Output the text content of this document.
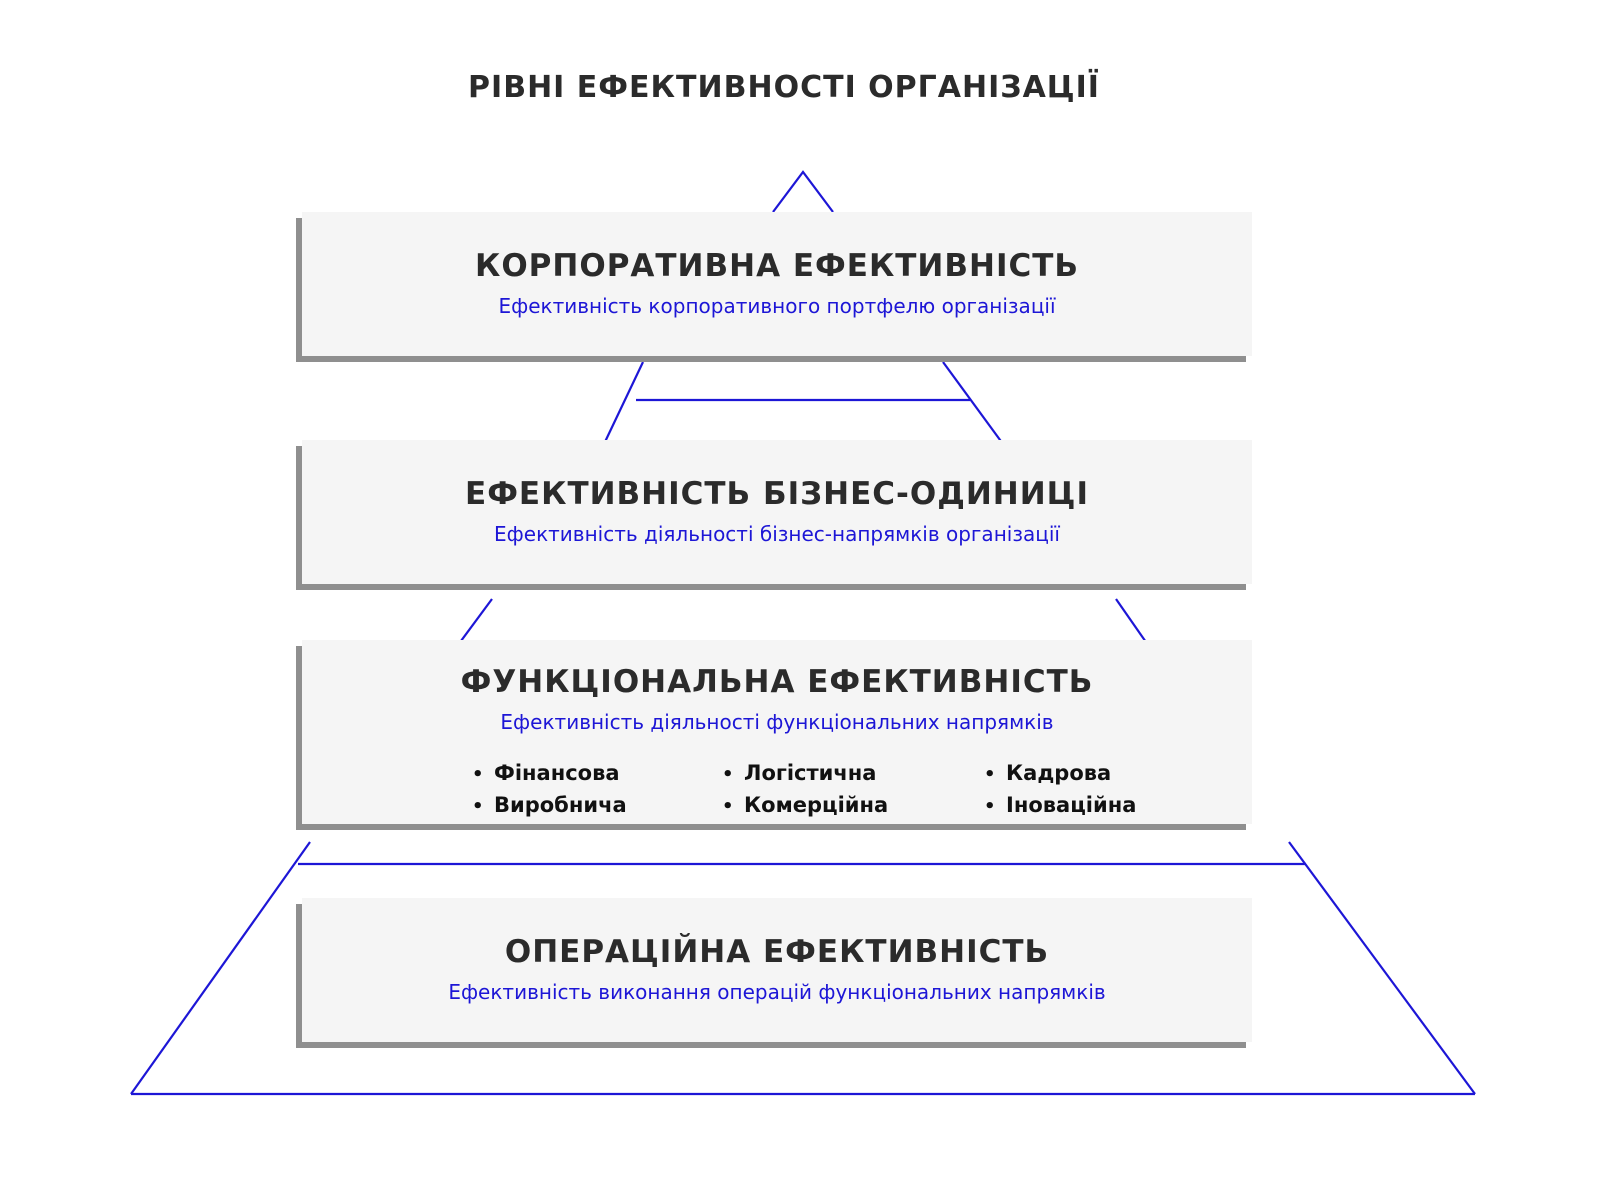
РІВНІ ЕФЕКТИВНОСТІ ОРГАНІЗАЦІЇ
КОРПОРАТИВНА ЕФЕКТИВНІСТЬ
Ефективність корпоративного портфелю організації
ЕФЕКТИВНІСТЬ БІЗНЕС-ОДИНИЦІ
Ефективність діяльності бізнес-напрямків організації
ФУНКЦІОНАЛЬНА ЕФЕКТИВНІСТЬ
Ефективність діяльності функціональних напрямків
• Фінансова
• Виробнича
• Логістична
• Комерційна
• Кадрова
• Іноваційна
ОПЕРАЦІЙНА ЕФЕКТИВНІСТЬ
Ефективність виконання операцій функціональних напрямків
